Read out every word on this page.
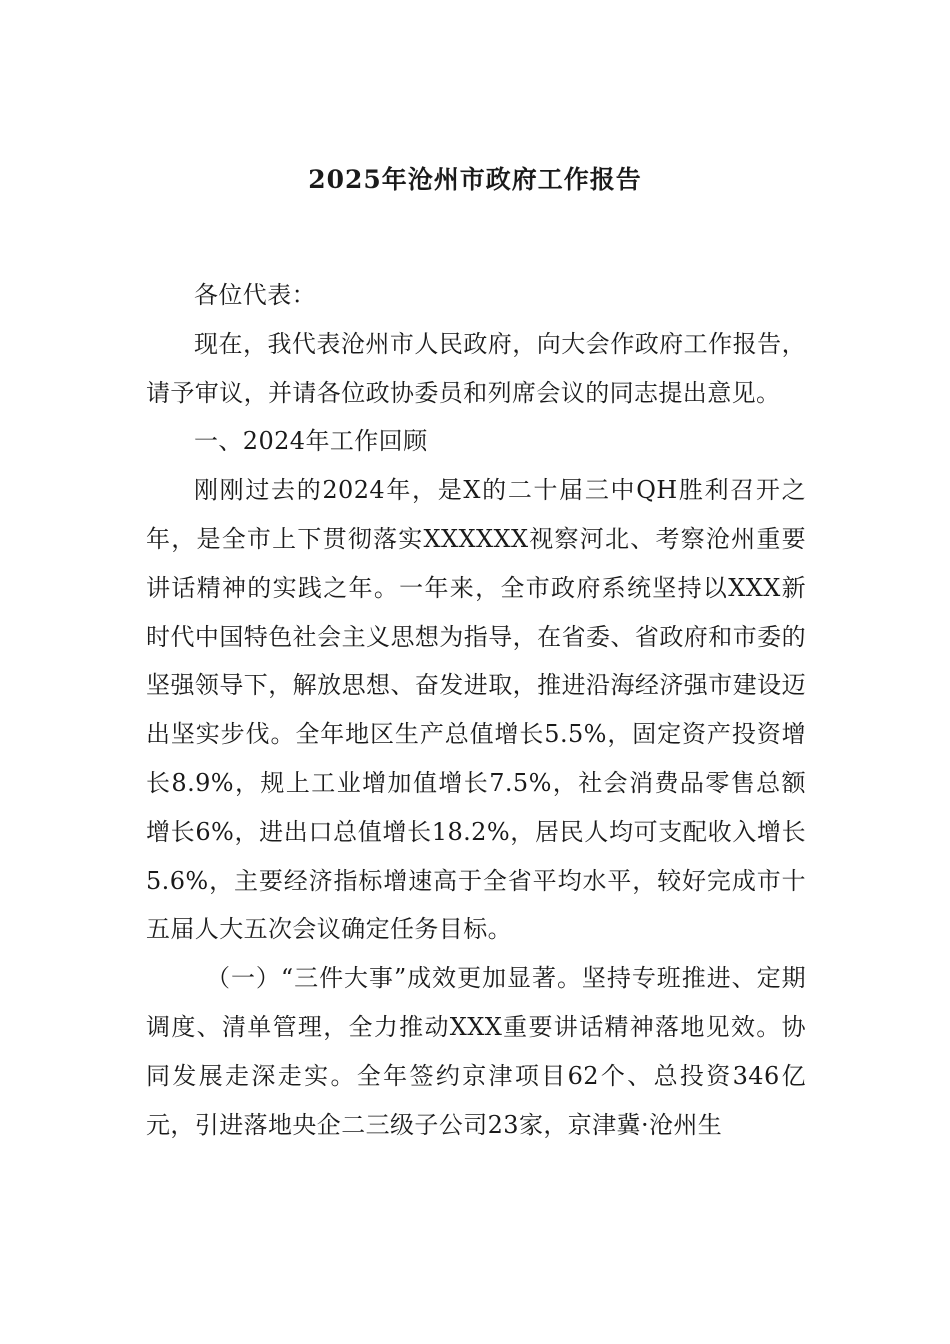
2025年沧州市政府工作报告

各位代表：

现在，我代表沧州市人民政府，向大会作政府工作报告，请予审议，并请各位政协委员和列席会议的同志提出意见。

一、2024年工作回顾

刚刚过去的2024年，是X的二十届三中QH胜利召开之年，是全市上下贯彻落实XXXXXX视察河北、考察沧州重要讲话精神的实践之年。一年来，全市政府系统坚持以XXX新时代中国特色社会主义思想为指导，在省委、省政府和市委的坚强领导下，解放思想、奋发进取，推进沿海经济强市建设迈出坚实步伐。全年地区生产总值增长5.5%，固定资产投资增长8.9%，规上工业增加值增长7.5%，社会消费品零售总额增长6%，进出口总值增长18.2%，居民人均可支配收入增长5.6%，主要经济指标增速高于全省平均水平，较好完成市十五届人大五次会议确定任务目标。

（一）“三件大事”成效更加显著。坚持专班推进、定期调度、清单管理，全力推动XXX重要讲话精神落地见效。协同发展走深走实。全年签约京津项目62个、总投资346亿元，引进落地央企二三级子公司23家，京津冀·沧州生
